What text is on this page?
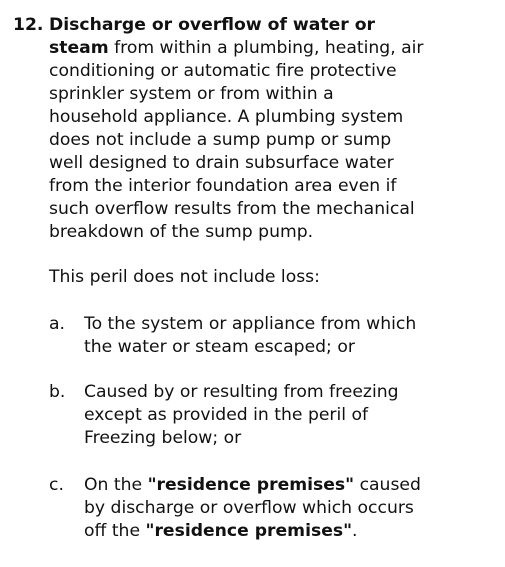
12. Discharge or overflow of water or
steam from within a plumbing, heating, air
conditioning or automatic fire protective
sprinkler system or from within a
household appliance. A plumbing system
does not include a sump pump or sump
well designed to drain subsurface water
from the interior foundation area even if
such overflow results from the mechanical
breakdown of the sump pump.
This peril does not include loss:
a. To the system or appliance from which
the water or steam escaped; or
b. Caused by or resulting from freezing
except as provided in the peril of
Freezing below; or
c. On the "residence premises" caused
by discharge or overflow which occurs
off the "residence premises".
